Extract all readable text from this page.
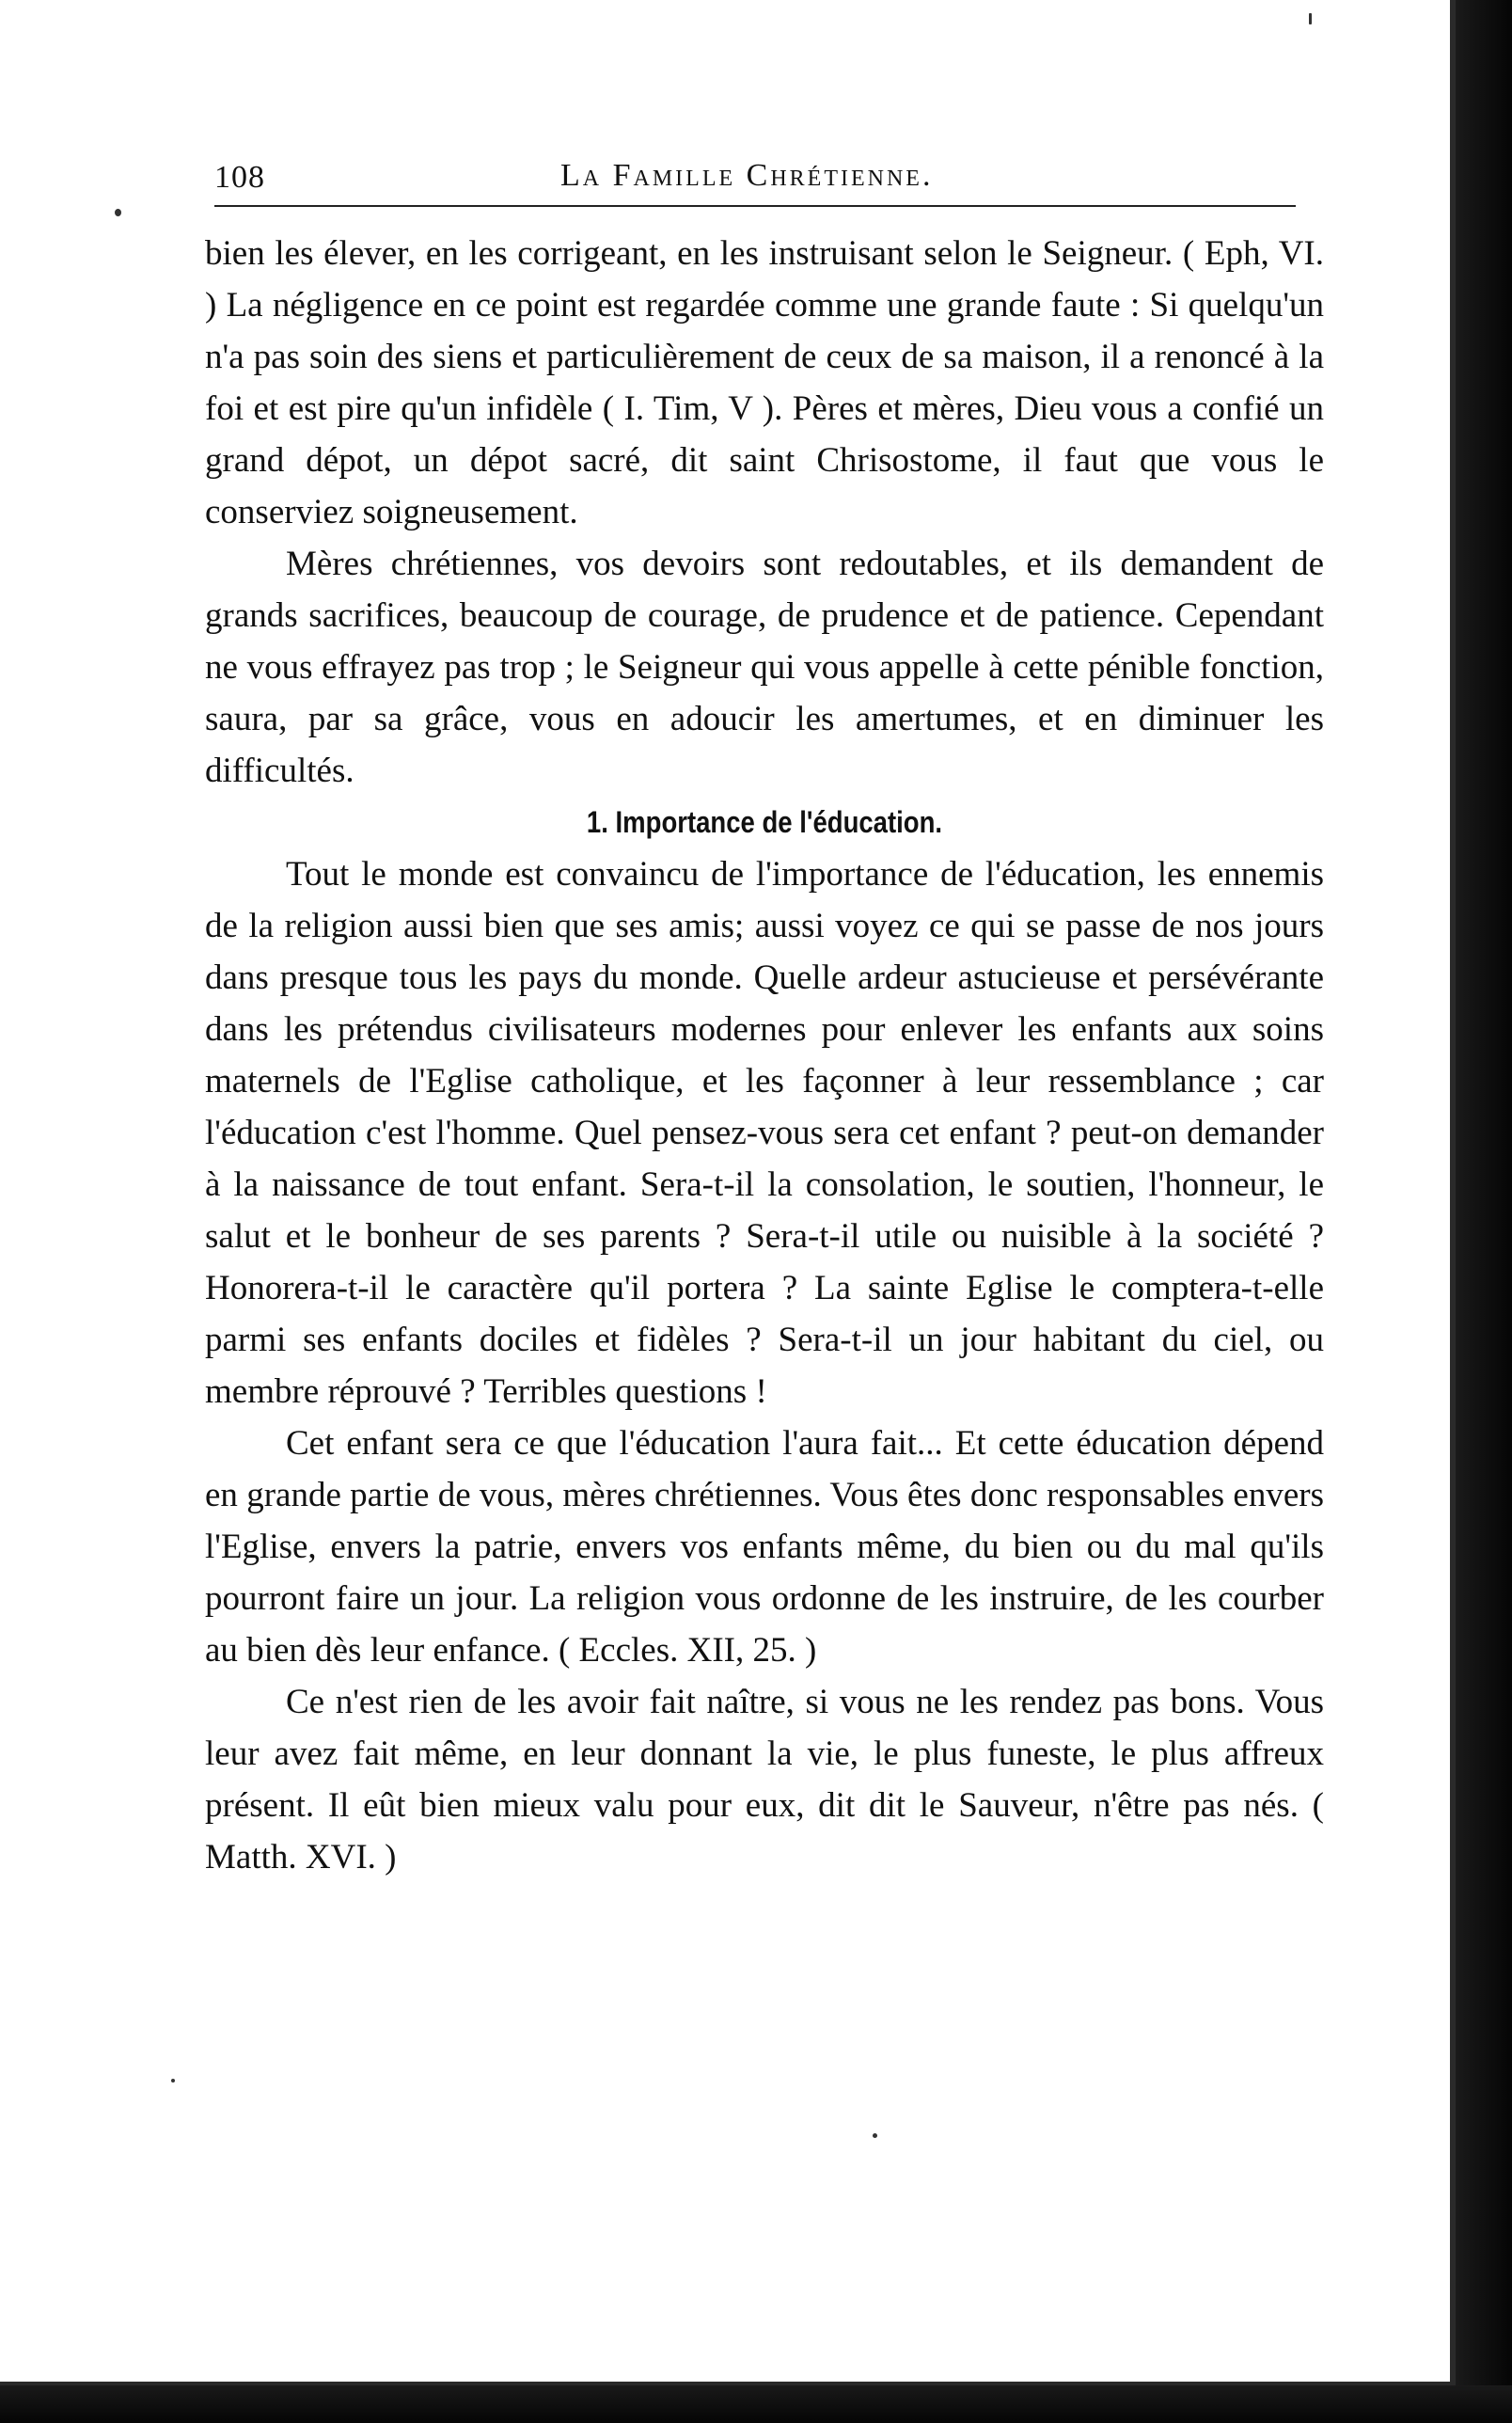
108	La Famille Chrétienne.

bien les élever, en les corrigeant, en les instruisant selon le Seigneur. ( Eph, VI. ) La négligence en ce point est regardée comme une grande faute : Si quelqu'un n'a pas soin des siens et particulièrement de ceux de sa maison, il a renoncé à la foi et est pire qu'un infidèle ( I. Tim, V ). Pères et mères, Dieu vous a confié un grand dépot, un dépot sacré, dit saint Chrisostome, il faut que vous le conserviez soigneusement.

Mères chrétiennes, vos devoirs sont redoutables, et ils demandent de grands sacrifices, beaucoup de courage, de prudence et de patience. Cependant ne vous effrayez pas trop ; le Seigneur qui vous appelle à cette pénible fonction, saura, par sa grâce, vous en adoucir les amertumes, et en diminuer les difficultés.

1. Importance de l'éducation.

Tout le monde est convaincu de l'importance de l'éducation, les ennemis de la religion aussi bien que ses amis; aussi voyez ce qui se passe de nos jours dans presque tous les pays du monde. Quelle ardeur astucieuse et persévérante dans les prétendus civilisateurs modernes pour enlever les enfants aux soins maternels de l'Eglise catholique, et les façonner à leur ressemblance ; car l'éducation c'est l'homme. Quel pensez-vous sera cet enfant ? peut-on demander à la naissance de tout enfant. Sera-t-il la consolation, le soutien, l'honneur, le salut et le bonheur de ses parents ? Sera-t-il utile ou nuisible à la société ? Honorera-t-il le caractère qu'il portera ? La sainte Eglise le comptera-t-elle parmi ses enfants dociles et fidèles ? Sera-t-il un jour habitant du ciel, ou membre réprouvé ? Terribles questions !

Cet enfant sera ce que l'éducation l'aura fait... Et cette éducation dépend en grande partie de vous, mères chrétiennes. Vous êtes donc responsables envers l'Eglise, envers la patrie, envers vos enfants même, du bien ou du mal qu'ils pourront faire un jour. La religion vous ordonne de les instruire, de les courber au bien dès leur enfance. ( Eccles. XII, 25. )

Ce n'est rien de les avoir fait naître, si vous ne les rendez pas bons. Vous leur avez fait même, en leur donnant la vie, le plus funeste, le plus affreux présent. Il eût bien mieux valu pour eux, dit dit le Sauveur, n'être pas nés. ( Matth. XVI. )
